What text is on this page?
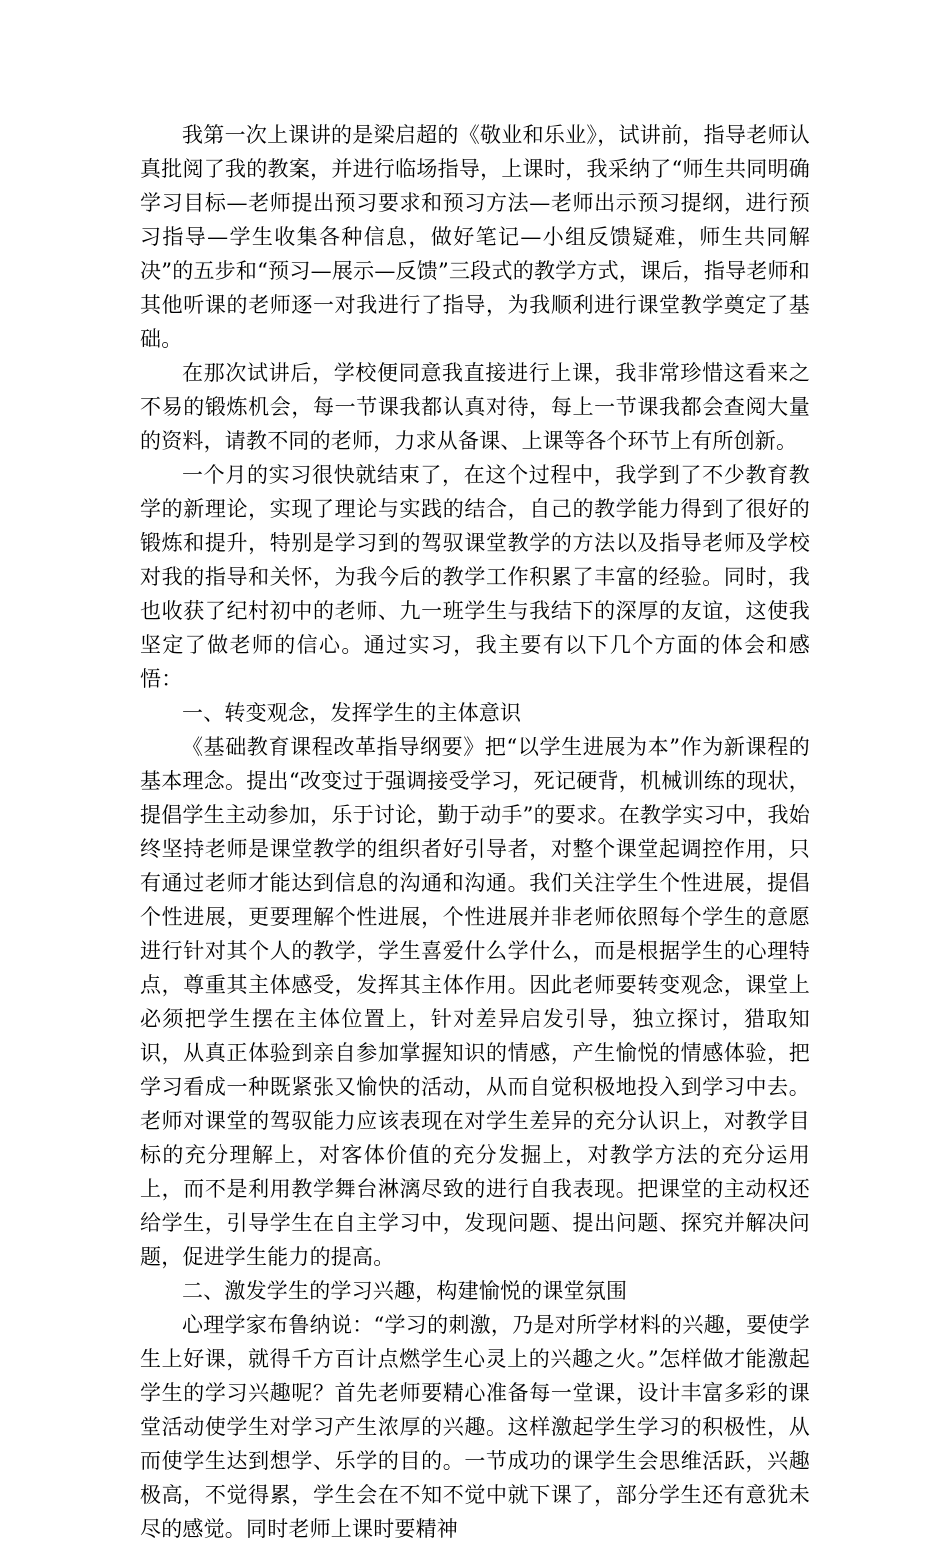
我第一次上课讲的是梁启超的《敬业和乐业》，试讲前，指导老师认真批阅了我的教案，并进行临场指导，上课时，我采纳了“师生共同明确学习目标—老师提出预习要求和预习方法—老师出示预习提纲，进行预习指导—学生收集各种信息，做好笔记—小组反馈疑难，师生共同解决”的五步和“预习—展示—反馈”三段式的教学方式，课后，指导老师和其他听课的老师逐一对我进行了指导，为我顺利进行课堂教学奠定了基础。

在那次试讲后，学校便同意我直接进行上课，我非常珍惜这看来之不易的锻炼机会，每一节课我都认真对待，每上一节课我都会查阅大量的资料，请教不同的老师，力求从备课、上课等各个环节上有所创新。

一个月的实习很快就结束了，在这个过程中，我学到了不少教育教学的新理论，实现了理论与实践的结合，自己的教学能力得到了很好的锻炼和提升，特别是学习到的驾驭课堂教学的方法以及指导老师及学校对我的指导和关怀，为我今后的教学工作积累了丰富的经验。同时，我也收获了纪村初中的老师、九一班学生与我结下的深厚的友谊，这使我坚定了做老师的信心。通过实习，我主要有以下几个方面的体会和感悟：

一、转变观念，发挥学生的主体意识

《基础教育课程改革指导纲要》把“以学生进展为本”作为新课程的基本理念。提出“改变过于强调接受学习，死记硬背，机械训练的现状，提倡学生主动参加，乐于讨论，勤于动手”的要求。在教学实习中，我始终坚持老师是课堂教学的组织者好引导者，对整个课堂起调控作用，只有通过老师才能达到信息的沟通和沟通。我们关注学生个性进展，提倡个性进展，更要理解个性进展，个性进展并非老师依照每个学生的意愿进行针对其个人的教学，学生喜爱什么学什么，而是根据学生的心理特点，尊重其主体感受，发挥其主体作用。因此老师要转变观念，课堂上必须把学生摆在主体位置上，针对差异启发引导，独立探讨，猎取知识，从真正体验到亲自参加掌握知识的情感，产生愉悦的情感体验，把学习看成一种既紧张又愉快的活动，从而自觉积极地投入到学习中去。老师对课堂的驾驭能力应该表现在对学生差异的充分认识上，对教学目标的充分理解上，对客体价值的充分发掘上，对教学方法的充分运用上，而不是利用教学舞台淋漓尽致的进行自我表现。把课堂的主动权还给学生，引导学生在自主学习中，发现问题、提出问题、探究并解决问题，促进学生能力的提高。

二、激发学生的学习兴趣，构建愉悦的课堂氛围

心理学家布鲁纳说：“学习的刺激，乃是对所学材料的兴趣，要使学生上好课，就得千方百计点燃学生心灵上的兴趣之火。”怎样做才能激起学生的学习兴趣呢？首先老师要精心准备每一堂课，设计丰富多彩的课堂活动使学生对学习产生浓厚的兴趣。这样激起学生学习的积极性，从而使学生达到想学、乐学的目的。一节成功的课学生会思维活跃，兴趣极高，不觉得累，学生会在不知不觉中就下课了，部分学生还有意犹未尽的感觉。同时老师上课时要精神
